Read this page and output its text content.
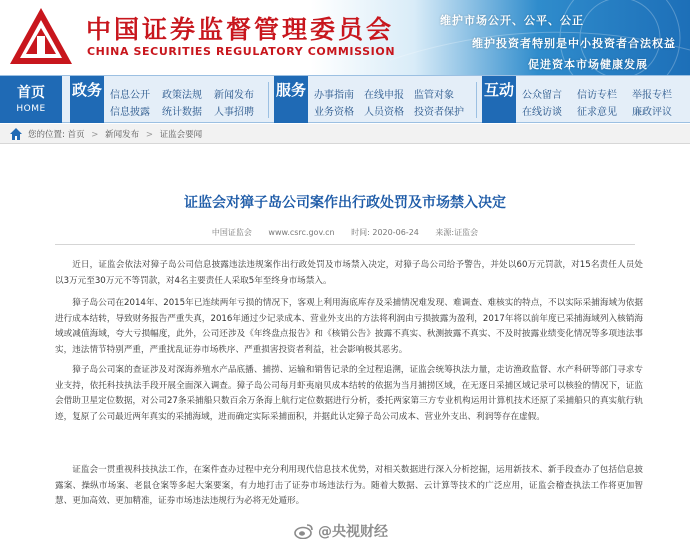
中国证券监督管理委员会
CHINA SECURITIES REGULATORY COMMISSION
维护市场公开、公平、公正
维护投资者特别是中小投资者合法权益
促进资本市场健康发展
首页
HOME
政务 信息公开 政策法规 新闻发布
信息披露 统计数据 人事招聘
服务 办事指南 在线申报 监管对象
业务资格 人员资格 投资者保护
互动 公众留言 信访专栏 举报专栏
在线访谈 征求意见 廉政评议
您的位置: 首页 > 新闻发布 > 证监会要闻
证监会对獐子岛公司案作出行政处罚及市场禁入决定
中国证监会 www.csrc.gov.cn 时间: 2020-06-24 来源:证监会

近日，证监会依法对獐子岛公司信息披露违法违规案作出行政处罚及市场禁入决定，对獐子岛公司给予警告，并处以60万元罚款，对15名责任人员处以3万元至30万元不等罚款，对4名主要责任人采取5年至终身市场禁入。

獐子岛公司在2014年、2015年已连续两年亏损的情况下，客观上利用海底库存及采捕情况难发现、难调查、难核实的特点，不以实际采捕海域为依据进行成本结转，导致财务报告严重失真，2016年通过少记录成本、营业外支出的方法将利润由亏损披露为盈利，2017年将以前年度已采捕海域列入核销海域或减值海域，夸大亏损幅度，此外，公司还涉及《年终盘点报告》和《核销公告》披露不真实、秋测披露不真实、不及时披露业绩变化情况等多项违法事实，违法情节特别严重，严重扰乱证券市场秩序、严重损害投资者利益，社会影响极其恶劣。

獐子岛公司案的查证涉及对深海养殖水产品底播、捕捞、运输和销售记录的全过程追溯，证监会统筹执法力量，走访渔政监督、水产科研等部门寻求专业支持，依托科技执法手段开展全面深入调查。獐子岛公司每月虾夷扇贝成本结转的依据为当月捕捞区域，在无逐日采捕区域记录可以核验的情况下，证监会借助卫星定位数据，对公司27条采捕船只数百余万条海上航行定位数据进行分析，委托两家第三方专业机构运用计算机技术还原了采捕船只的真实航行轨迹，复原了公司最近两年真实的采捕海域，进而确定实际采捕面积，并据此认定獐子岛公司成本、营业外支出、利润等存在虚假。

证监会一贯重视科技执法工作，在案件查办过程中充分利用现代信息技术优势，对相关数据进行深入分析挖掘，运用新技术、新手段查办了包括信息披露案、操纵市场案、老鼠仓案等多起大案要案，有力地打击了证券市场违法行为。随着大数据、云计算等技术的广泛应用，证监会稽查执法工作将更加智慧、更加高效、更加精准，证券市场违法违规行为必将无处遁形。

@央视财经
